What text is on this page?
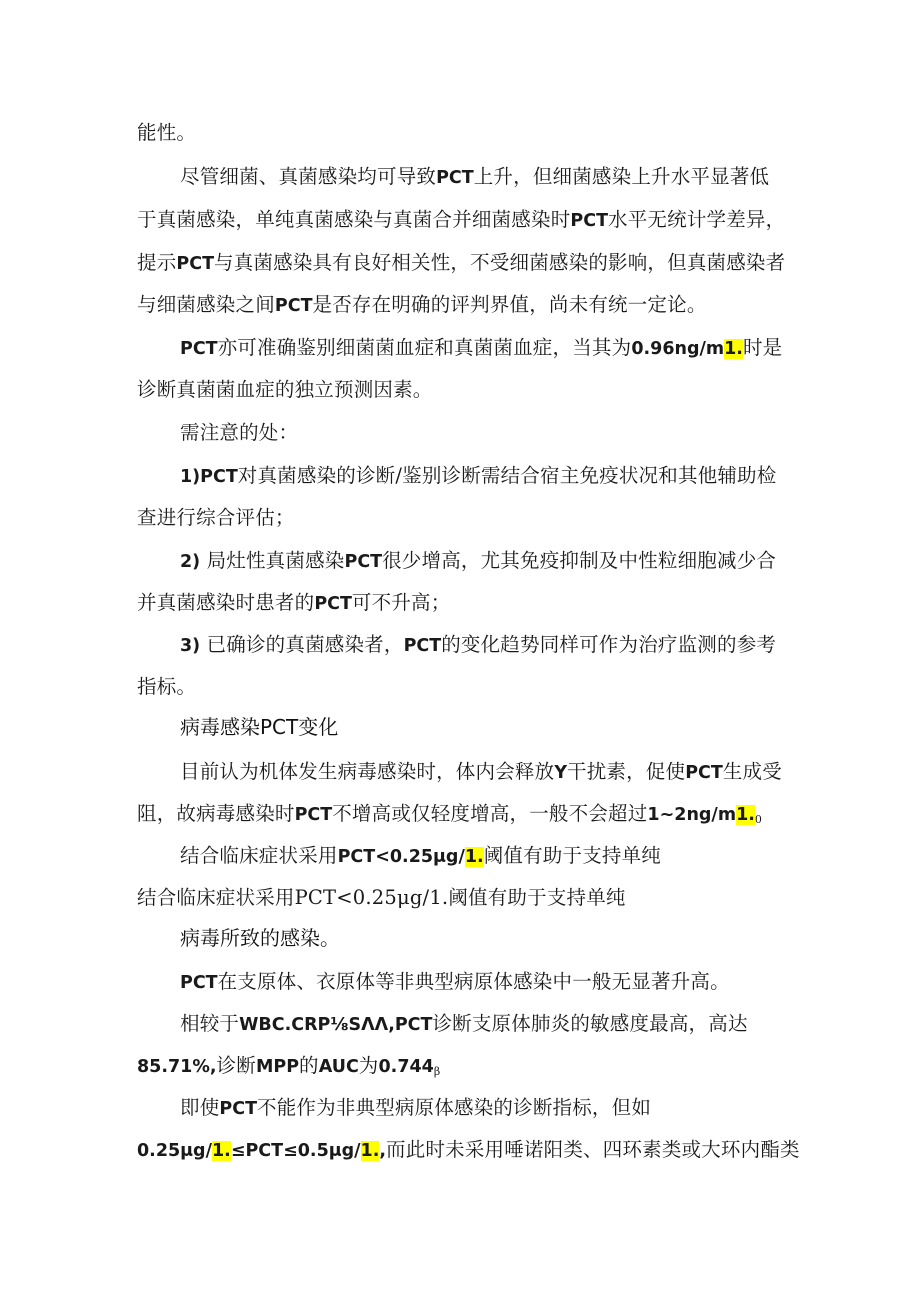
能性。
尽管细菌、真菌感染均可导致PCT上升，但细菌感染上升水平显著低
于真菌感染，单纯真菌感染与真菌合并细菌感染时PCT水平无统计学差异，
提示PCT与真菌感染具有良好相关性，不受细菌感染的影响，但真菌感染者
与细菌感染之间PCT是否存在明确的评判界值，尚未有统一定论。
PCT亦可准确鉴别细菌菌血症和真菌菌血症，当其为0.96ng/m1.时是
诊断真菌菌血症的独立预测因素。
需注意的处：
1)PCT对真菌感染的诊断/鉴别诊断需结合宿主免疫状况和其他辅助检
查进行综合评估；
2) 局灶性真菌感染PCT很少增高，尤其免疫抑制及中性粒细胞减少合
并真菌感染时患者的PCT可不升高；
3) 已确诊的真菌感染者，PCT的变化趋势同样可作为治疗监测的参考
指标。
病毒感染PCT变化
目前认为机体发生病毒感染时，体内会释放Y干扰素，促使PCT生成受
阻，故病毒感染时PCT不增高或仅轻度增高，一般不会超过$1\sim 2ng/m1._0$
结合临床症状采用PCT<0.25μg/1.阈值有助于支持单纯
结合临床症状采用PCT<0.25μg/1.阈值有助于支持单纯
病毒所致的感染。
PCT在支原体、衣原体等非典型病原体感染中一般无显著升高。
相较于WBC.CRP⅛SΛΛ,PCT诊断支原体肺炎的敏感度最高，高达
85.71%,诊断MPP的AUC为$0.744_\beta$
即使PCT不能作为非典型病原体感染的诊断指标，但如
0.25μg/1.≤PCT≤0.5μg/1.,而此时未采用唾诺阳类、四环素类或大环内酯类
